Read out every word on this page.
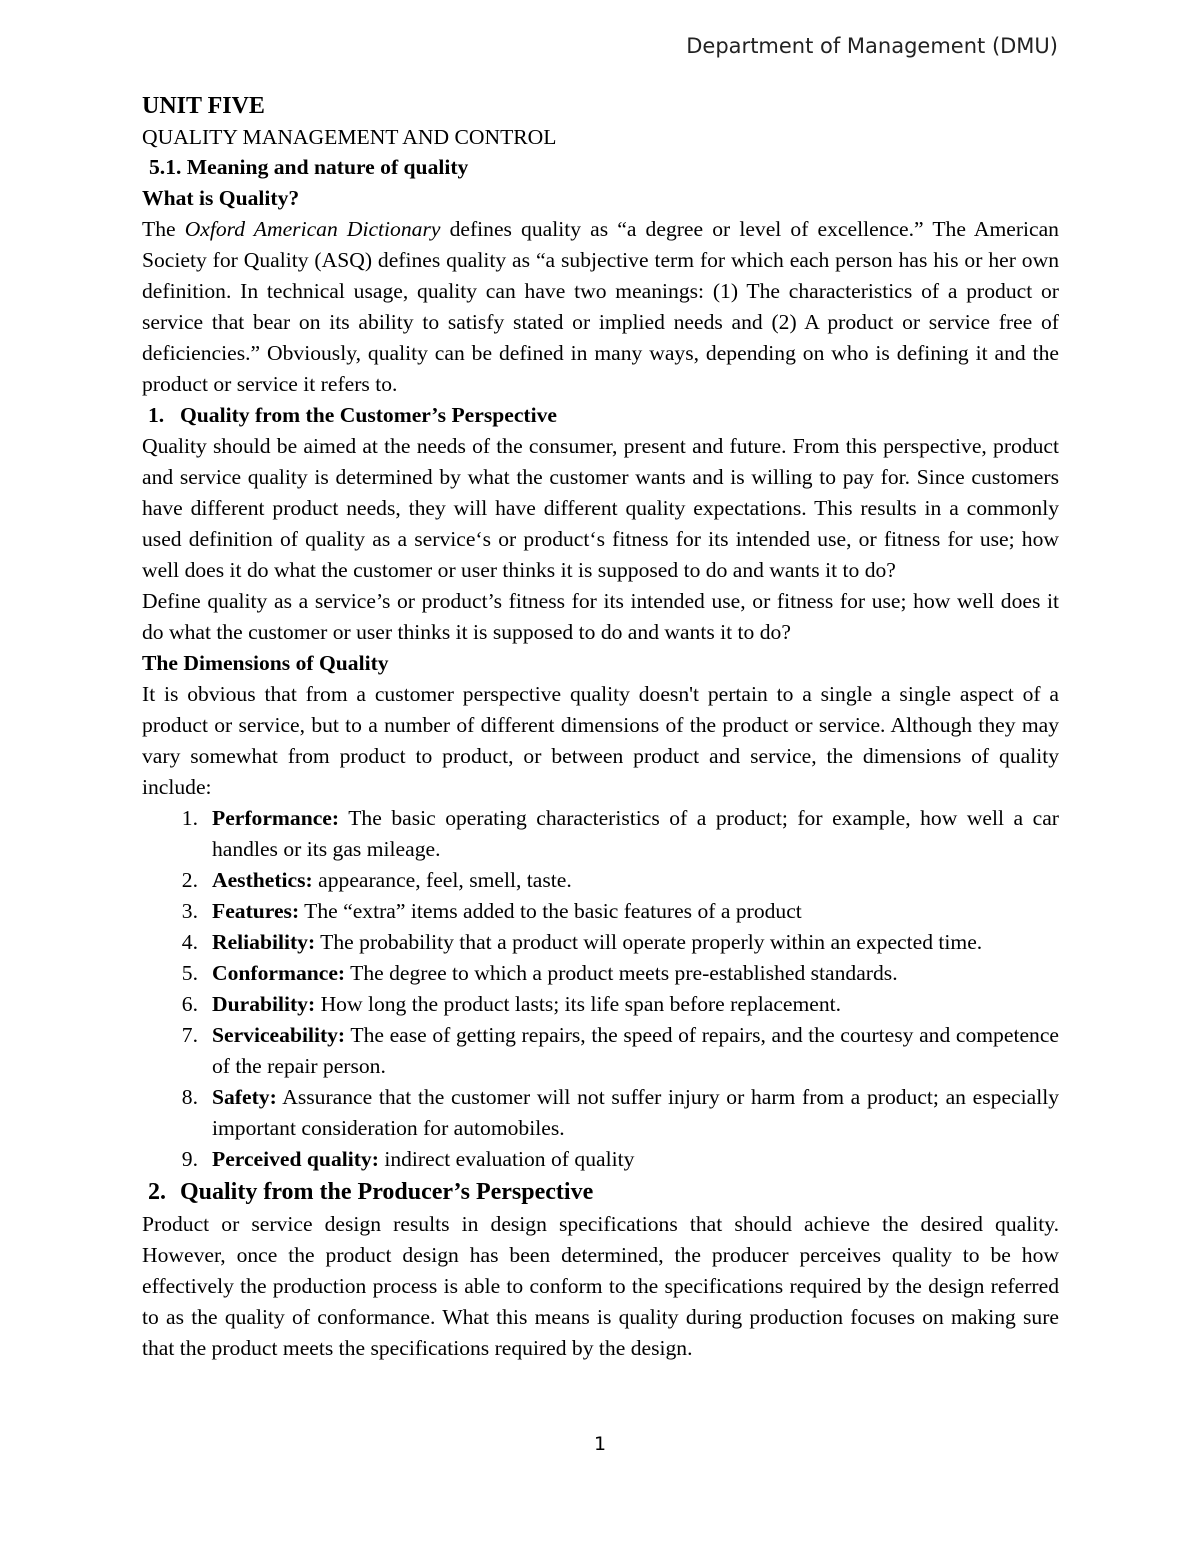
Department of Management (DMU)

UNIT FIVE

QUALITY MANAGEMENT AND CONTROL

5.1. Meaning and nature of quality

What is Quality?

The Oxford American Dictionary defines quality as “a degree or level of excellence.” The American Society for Quality (ASQ) defines quality as “a subjective term for which each person has his or her own definition. In technical usage, quality can have two meanings: (1) The characteristics of a product or service that bear on its ability to satisfy stated or implied needs and (2) A product or service free of deficiencies.” Obviously, quality can be defined in many ways, depending on who is defining it and the product or service it refers to.

1. Quality from the Customer’s Perspective

Quality should be aimed at the needs of the consumer, present and future. From this perspective, product and service quality is determined by what the customer wants and is willing to pay for. Since customers have different product needs, they will have different quality expectations. This results in a commonly used definition of quality as a service‘s or product‘s fitness for its intended use, or fitness for use; how well does it do what the customer or user thinks it is supposed to do and wants it to do?

Define quality as a service’s or product’s fitness for its intended use, or fitness for use; how well does it do what the customer or user thinks it is supposed to do and wants it to do?

The Dimensions of Quality

It is obvious that from a customer perspective quality doesn't pertain to a single a single aspect of a product or service, but to a number of different dimensions of the product or service. Although they may vary somewhat from product to product, or between product and service, the dimensions of quality include:

1. Performance: The basic operating characteristics of a product; for example, how well a car handles or its gas mileage.
2. Aesthetics: appearance, feel, smell, taste.
3. Features: The “extra” items added to the basic features of a product
4. Reliability: The probability that a product will operate properly within an expected time.
5. Conformance: The degree to which a product meets pre-established standards.
6. Durability: How long the product lasts; its life span before replacement.
7. Serviceability: The ease of getting repairs, the speed of repairs, and the courtesy and competence of the repair person.
8. Safety: Assurance that the customer will not suffer injury or harm from a product; an especially important consideration for automobiles.
9. Perceived quality: indirect evaluation of quality
2. Quality from the Producer’s Perspective

Product or service design results in design specifications that should achieve the desired quality. However, once the product design has been determined, the producer perceives quality to be how effectively the production process is able to conform to the specifications required by the design referred to as the quality of conformance. What this means is quality during production focuses on making sure that the product meets the specifications required by the design.

1
